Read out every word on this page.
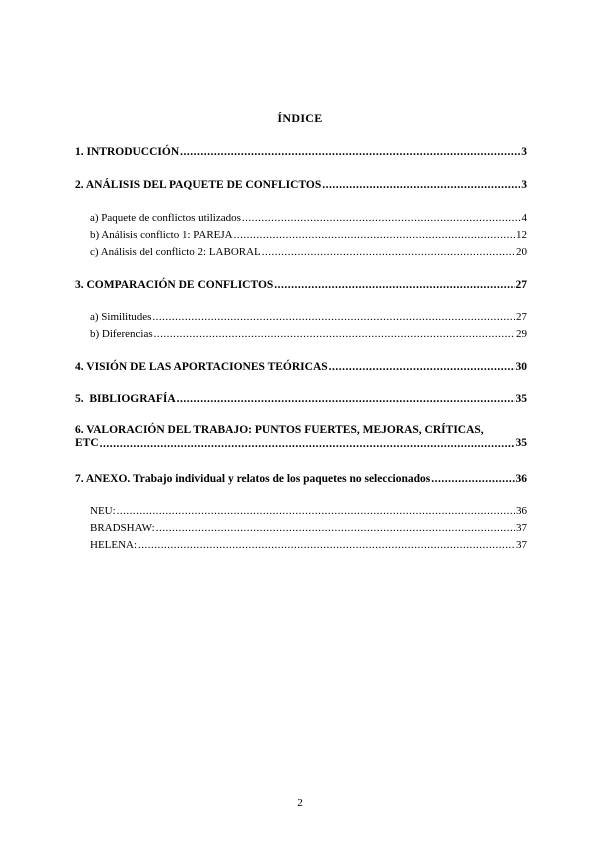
ÍNDICE
1. INTRODUCCIÓN .....	3
2. ANÁLISIS DEL PAQUETE DE CONFLICTOS .....	3
a) Paquete de conflictos utilizados .....	4
b) Análisis conflicto 1: PAREJA .....	12
c) Análisis del conflicto 2: LABORAL .....	20
3. COMPARACIÓN DE CONFLICTOS .....	27
a) Similitudes .....	27
b) Diferencias .....	29
4. VISIÓN DE LAS APORTACIONES TEÓRICAS .....	30
5.  BIBLIOGRAFÍA .....	35
6. VALORACIÓN DEL TRABAJO: PUNTOS FUERTES, MEJORAS, CRÍTICAS,
ETC .....	35
7. ANEXO. Trabajo individual y relatos de los paquetes no seleccionados .....	36
NEU: .....	36
BRADSHAW: .....	37
HELENA: .....	37
2
